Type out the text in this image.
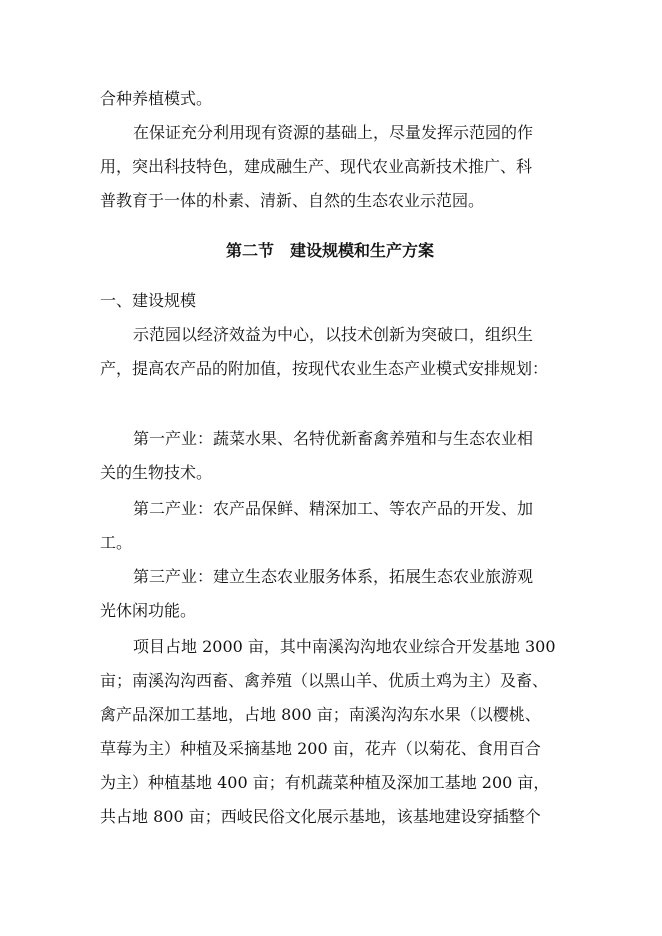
合种养植模式。
在保证充分利用现有资源的基础上，尽量发挥示范园的作
用，突出科技特色，建成融生产、现代农业高新技术推广、科
普教育于一体的朴素、清新、自然的生态农业示范园。
第二节　建设规模和生产方案
一、建设规模
示范园以经济效益为中心，以技术创新为突破口，组织生
产，提高农产品的附加值，按现代农业生态产业模式安排规划：
第一产业：蔬菜水果、名特优新畜禽养殖和与生态农业相
关的生物技术。
第二产业：农产品保鲜、精深加工、等农产品的开发、加
工。
第三产业：建立生态农业服务体系，拓展生态农业旅游观
光休闲功能。
项目占地 2000 亩，其中南溪沟沟地农业综合开发基地 300
亩；南溪沟沟西畜、禽养殖（以黑山羊、优质土鸡为主）及畜、
禽产品深加工基地，占地 800 亩；南溪沟沟东水果（以樱桃、
草莓为主）种植及采摘基地 200 亩，花卉（以菊花、食用百合
为主）种植基地 400 亩；有机蔬菜种植及深加工基地 200 亩，
共占地 800 亩；西岐民俗文化展示基地，该基地建设穿插整个
